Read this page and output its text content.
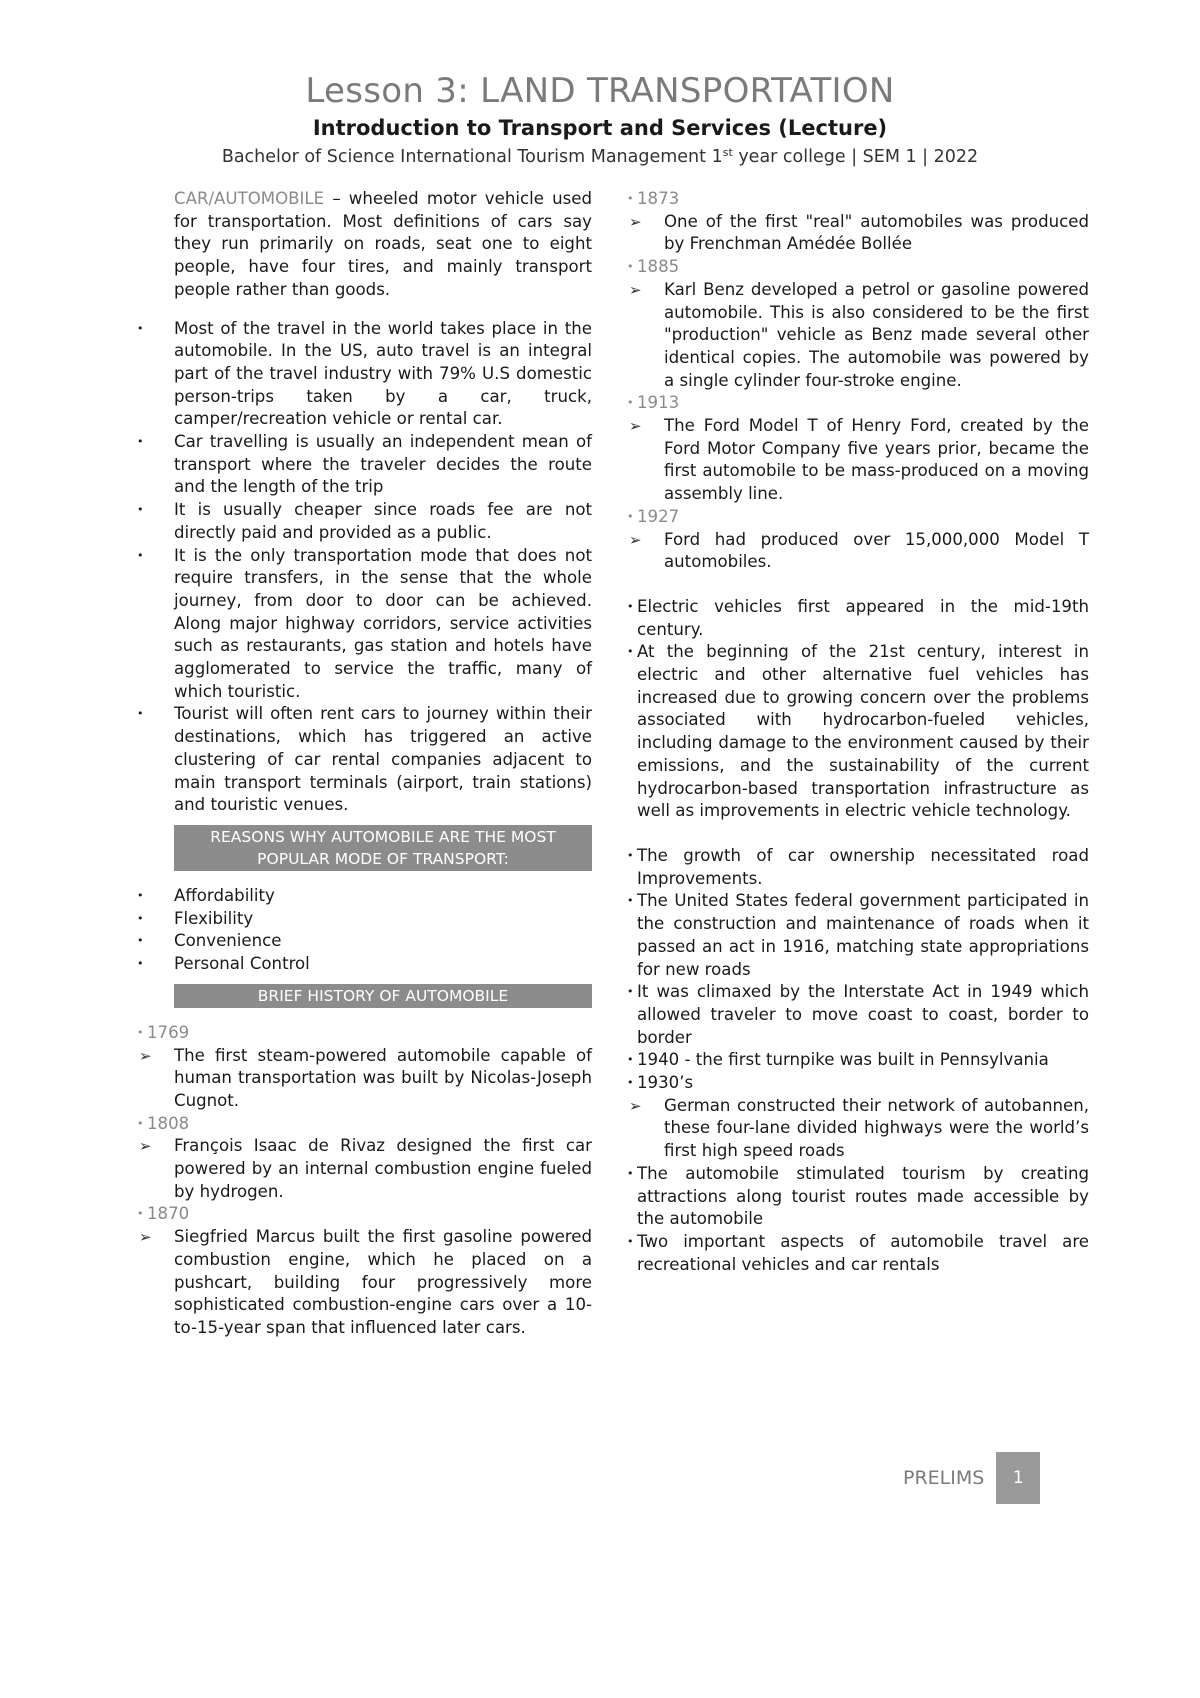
Lesson 3: LAND TRANSPORTATION

Introduction to Transport and Services (Lecture)

Bachelor of Science International Tourism Management 1st year college | SEM 1 | 2022

CAR/AUTOMOBILE – wheeled motor vehicle used for transportation. Most definitions of cars say they run primarily on roads, seat one to eight people, have four tires, and mainly transport people rather than goods.

• Most of the travel in the world takes place in the automobile. In the US, auto travel is an integral part of the travel industry with 79% U.S domestic person-trips taken by a car, truck, camper/recreation vehicle or rental car.
• Car travelling is usually an independent mean of transport where the traveler decides the route and the length of the trip
• It is usually cheaper since roads fee are not directly paid and provided as a public.
• It is the only transportation mode that does not require transfers, in the sense that the whole journey, from door to door can be achieved. Along major highway corridors, service activities such as restaurants, gas station and hotels have agglomerated to service the traffic, many of which touristic.
• Tourist will often rent cars to journey within their destinations, which has triggered an active clustering of car rental companies adjacent to main transport terminals (airport, train stations) and touristic venues.
REASONS WHY AUTOMOBILE ARE THE MOST POPULAR MODE OF TRANSPORT:
• Affordability
• Flexibility
• Convenience
• Personal Control
BRIEF HISTORY OF AUTOMOBILE
• 1769
➢ The first steam-powered automobile capable of human transportation was built by Nicolas-Joseph Cugnot.
• 1808
➢ François Isaac de Rivaz designed the first car powered by an internal combustion engine fueled by hydrogen.
• 1870
➢ Siegfried Marcus built the first gasoline powered combustion engine, which he placed on a pushcart, building four progressively more sophisticated combustion-engine cars over a 10-to-15-year span that influenced later cars.
• 1873
➢ One of the first "real" automobiles was produced by Frenchman Amédée Bollée
• 1885
➢ Karl Benz developed a petrol or gasoline powered automobile. This is also considered to be the first "production" vehicle as Benz made several other identical copies. The automobile was powered by a single cylinder four-stroke engine.
• 1913
➢ The Ford Model T of Henry Ford, created by the Ford Motor Company five years prior, became the first automobile to be mass-produced on a moving assembly line.
• 1927
➢ Ford had produced over 15,000,000 Model T automobiles.
• Electric vehicles first appeared in the mid-19th century.
• At the beginning of the 21st century, interest in electric and other alternative fuel vehicles has increased due to growing concern over the problems associated with hydrocarbon-fueled vehicles, including damage to the environment caused by their emissions, and the sustainability of the current hydrocarbon-based transportation infrastructure as well as improvements in electric vehicle technology.
• The growth of car ownership necessitated road Improvements.
• The United States federal government participated in the construction and maintenance of roads when it passed an act in 1916, matching state appropriations for new roads
• It was climaxed by the Interstate Act in 1949 which allowed traveler to move coast to coast, border to border
• 1940 - the first turnpike was built in Pennsylvania
• 1930’s
➢ German constructed their network of autobannen, these four-lane divided highways were the world’s first high speed roads
• The automobile stimulated tourism by creating attractions along tourist routes made accessible by the automobile
• Two important aspects of automobile travel are recreational vehicles and car rentals
PRELIMS	1
